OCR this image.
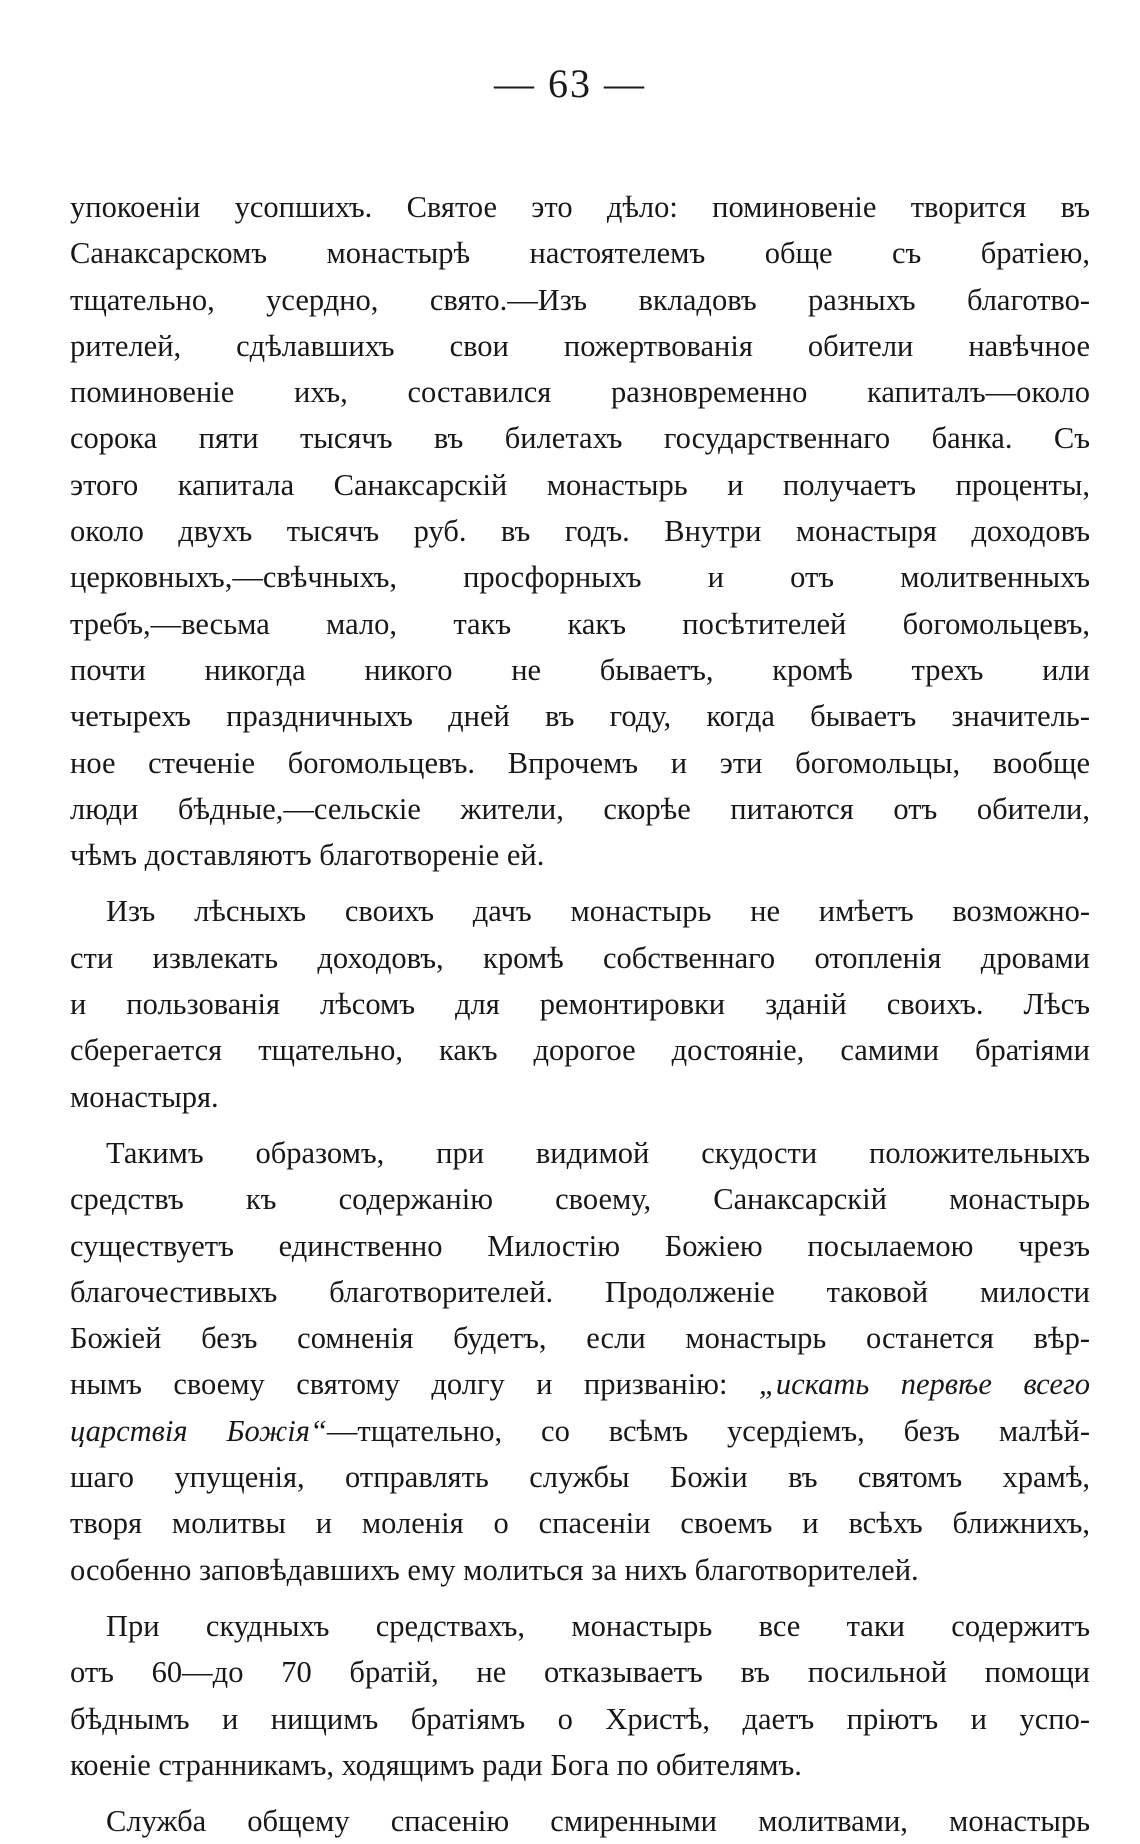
— 63 —
упокоенiи усопшихъ. Святое это дѣло: поминовенiе творится въ
Санаксарскомъ монастырѣ настоятелемъ обще съ братiею,
тщательно, усердно, свято.—Изъ вкладовъ разныхъ благотво-
рителей, сдѣлавшихъ свои пожертвованiя обители навѣчное
поминовенiе ихъ, составился разновременно капиталъ—около
сорока пяти тысячъ въ билетахъ государственнаго банка. Съ
этого капитала Санаксарскiй монастырь и получаетъ проценты,
около двухъ тысячъ руб. въ годъ. Внутри монастыря доходовъ
церковныхъ,—свѣчныхъ, просфорныхъ и отъ молитвенныхъ
требъ,—весьма мало, такъ какъ посѣтителей богомольцевъ,
почти никогда никого не бываетъ, кромѣ трехъ или
четырехъ праздничныхъ дней въ году, когда бываетъ значитель-
ное стеченiе богомольцевъ. Впрочемъ и эти богомольцы, вообще
люди бѣдные,—сельскiе жители, скорѣе питаются отъ обители,
чѣмъ доставляютъ благотворенiе ей.
Изъ лѣсныхъ своихъ дачъ монастырь не имѣетъ возможно-
сти извлекать доходовъ, кромѣ собственнаго отопленiя дровами
и пользованiя лѣсомъ для ремонтировки зданiй своихъ. Лѣсъ
сберегается тщательно, какъ дорогое достоянiе, самими братiями
монастыря.
Такимъ образомъ, при видимой скудости положительныхъ
средствъ къ содержанiю своему, Санаксарскiй монастырь
существуетъ единственно Милостiю Божiею посылаемою чрезъ
благочестивыхъ благотворителей. Продолженiе таковой милости
Божiей безъ сомненiя будетъ, если монастырь останется вѣр-
нымъ своему святому долгу и призванiю: „искать первѣе всего
царствiя Божiя“—тщательно, со всѣмъ усердiемъ, безъ малѣй-
шаго упущенiя, отправлять службы Божiи въ святомъ храмѣ,
творя молитвы и моленiя о спасенiи своемъ и всѣхъ ближнихъ,
особенно заповѣдавшихъ ему молиться за нихъ благотворителей.
При скудныхъ средствахъ, монастырь все таки содержитъ
отъ 60—до 70 братiй, не отказываетъ въ посильной помощи
бѣднымъ и нищимъ братiямъ о Христѣ, даетъ прiютъ и успо-
коенiе странникамъ, ходящимъ ради Бога по обителямъ.
Служба общему спасенiю смиренными молитвами, монастырь
